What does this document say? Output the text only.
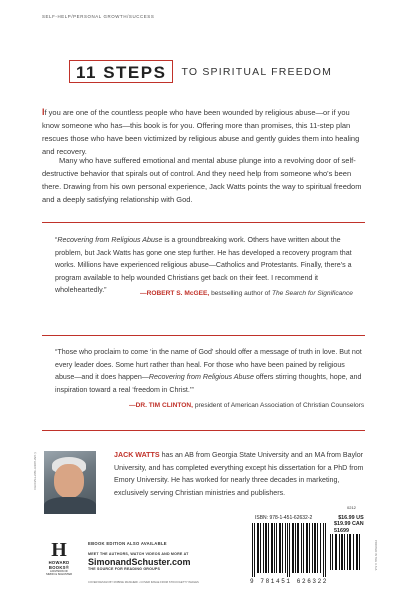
SELF-HELP/PERSONAL GROWTH/SUCCESS
11 STEPS	TO SPIRITUAL FREEDOM

If you are one of the countless people who have been wounded by religious abuse—or if you know someone who has—this book is for you. Offering more than promises, this 11-step plan rescues those who have been victimized by religious abuse and gently guides them into healing and recovery.

Many who have suffered emotional and mental abuse plunge into a revolving door of self-destructive behavior that spirals out of control. And they need help from someone who's been there. Drawing from his own personal experience, Jack Watts points the way to spiritual freedom and a deeply satisfying relationship with God.

“Recovering from Religious Abuse is a groundbreaking work. Others have written about the problem, but Jack Watts has gone one step further. He has developed a recovery program that works. Millions have experienced religious abuse—Catholics and Protestants. Finally, there's a program available to help wounded Christians get back on their feet. I recommend it wholeheartedly.”	—ROBERT S. McGEE, bestselling author of The Search for Significance

“Those who proclaim to come ‘in the name of God’ should offer a message of truth in love. But not every leader does. Some hurt rather than heal. For those who have been pained by religious abuse—and it does happen—Recovering from Religious Abuse offers stirring thoughts, hope, and inspiration toward a real ‘freedom in Christ.’”

—DR. TIM CLINTON, president of American Association of Christian Counselors
© ANTHONY WATTS/FOTO	JACK WATTS has an AB from Georgia State University and an MA from Baylor University, and has completed everything except his dissertation for a PhD from Emory University. He has worked for nearly three decades in marketing, exclusively serving Christian ministries and publishers.

H
HOWARD
BOOKS®
A DIVISION OF
SIMON & SCHUSTER
EBOOK EDITION ALSO AVAILABLE
MEET THE AUTHORS, WATCH VIDEOS AND MORE AT
SimonandSchuster.com
THE SOURCE FOR READING GROUPS
COVER DESIGN BY ROBINE MANGIERI • COVER IMAGE FROM STOCK/GETTY IMAGES
0212
ISBN: 978-1-451-62632-2	$16.99 US
$19.99 CAN
51699
9 781451 626322
PRINTED IN THE U.S.A.
